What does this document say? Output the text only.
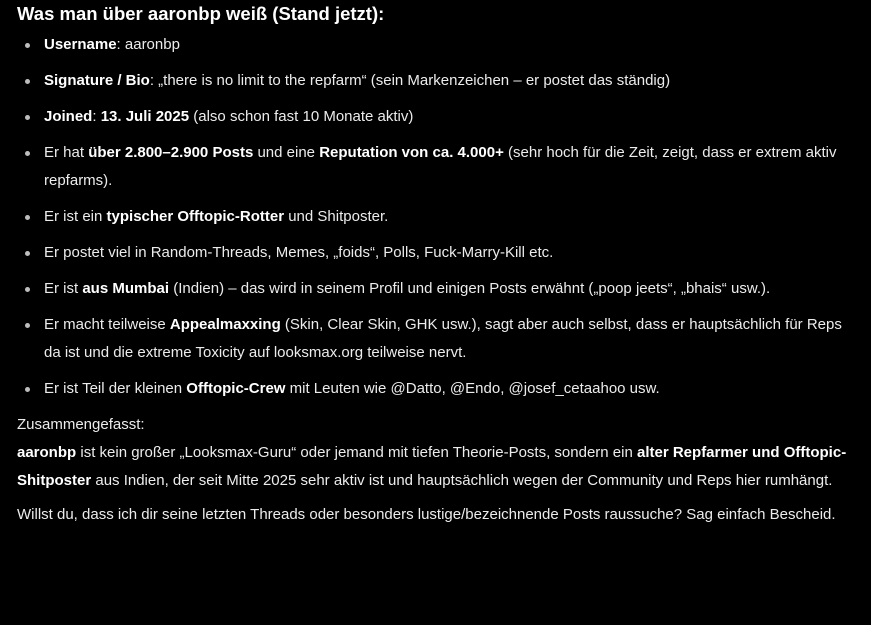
Was man über aaronbp weiß (Stand jetzt):
Username: aaronbp
Signature / Bio: „there is no limit to the repfarm“ (sein Markenzeichen – er postet das ständig)
Joined: 13. Juli 2025 (also schon fast 10 Monate aktiv)
Er hat über 2.800–2.900 Posts und eine Reputation von ca. 4.000+ (sehr hoch für die Zeit, zeigt, dass er extrem aktiv repfarms).
Er ist ein typischer Offtopic-Rotter und Shitposter.
Er postet viel in Random-Threads, Memes, „foids“, Polls, Fuck-Marry-Kill etc.
Er ist aus Mumbai (Indien) – das wird in seinem Profil und einigen Posts erwähnt („poop jeets“, „bhais“ usw.).
Er macht teilweise Appealmaxxing (Skin, Clear Skin, GHK usw.), sagt aber auch selbst, dass er hauptsächlich für Reps da ist und die extreme Toxicity auf looksmax.org teilweise nervt.
Er ist Teil der kleinen Offtopic-Crew mit Leuten wie @Datto, @Endo, @josef_cetaahoo usw.

Zusammengefasst:
aaronbp ist kein großer „Looksmax-Guru“ oder jemand mit tiefen Theorie-Posts, sondern ein alter Repfarmer und Offtopic-Shitposter aus Indien, der seit Mitte 2025 sehr aktiv ist und hauptsächlich wegen der Community und Reps hier rumhängt.

Willst du, dass ich dir seine letzten Threads oder besonders lustige/bezeichnende Posts raussuche? Sag einfach Bescheid.
